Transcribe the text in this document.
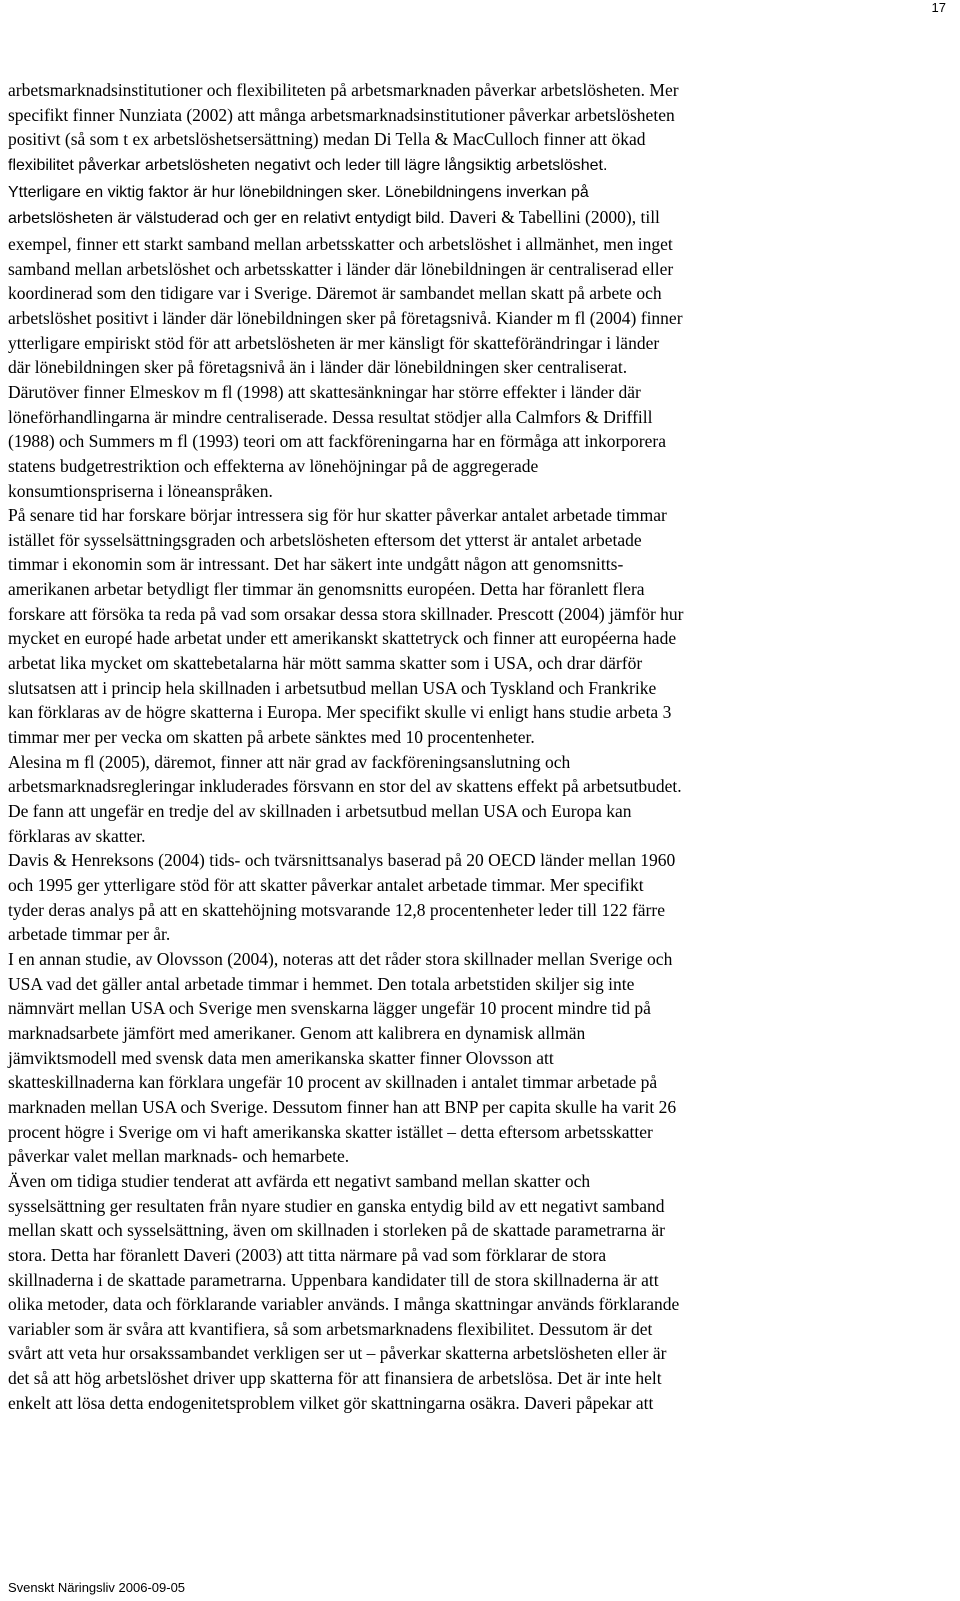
17
arbetsmarknadsinstitutioner och flexibiliteten på arbetsmarknaden påverkar arbetslösheten. Mer
specifikt finner Nunziata (2002) att många arbetsmarknadsinstitutioner påverkar arbetslösheten
positivt (så som t ex arbetslöshetsersättning) medan Di Tella & MacCulloch finner att ökad
flexibilitet påverkar arbetslösheten negativt och leder till lägre långsiktig arbetslöshet.
Ytterligare en viktig faktor är hur lönebildningen sker. Lönebildningens inverkan på
arbetslösheten är välstuderad och ger en relativt entydigt bild. Daveri & Tabellini (2000), till
exempel, finner ett starkt samband mellan arbetsskatter och arbetslöshet i allmänhet, men inget
samband mellan arbetslöshet och arbetsskatter i länder där lönebildningen är centraliserad eller
koordinerad som den tidigare var i Sverige. Däremot är sambandet mellan skatt på arbete och
arbetslöshet positivt i länder där lönebildningen sker på företagsnivå. Kiander m fl (2004) finner
ytterligare empiriskt stöd för att arbetslösheten är mer känsligt för skatteförändringar i länder
där lönebildningen sker på företagsnivå än i länder där lönebildningen sker centraliserat.
Därutöver finner Elmeskov m fl (1998) att skattesänkningar har större effekter i länder där
löneförhandlingarna är mindre centraliserade. Dessa resultat stödjer alla Calmfors & Driffill
(1988) och Summers m fl (1993) teori om att fackföreningarna har en förmåga att inkorporera
statens budgetrestriktion och effekterna av lönehöjningar på de aggregerade
konsumtionspriserna i löneanspråken.
På senare tid har forskare börjar intressera sig för hur skatter påverkar antalet arbetade timmar
istället för sysselsättningsgraden och arbetslösheten eftersom det ytterst är antalet arbetade
timmar i ekonomin som är intressant. Det har säkert inte undgått någon att genomsnitts-
amerikanen arbetar betydligt fler timmar än genomsnitts européen. Detta har föranlett flera
forskare att försöka ta reda på vad som orsakar dessa stora skillnader. Prescott (2004) jämför hur
mycket en europé hade arbetat under ett amerikanskt skattetryck och finner att européerna hade
arbetat lika mycket om skattebetalarna här mött samma skatter som i USA, och drar därför
slutsatsen att i princip hela skillnaden i arbetsutbud mellan USA och Tyskland och Frankrike
kan förklaras av de högre skatterna i Europa. Mer specifikt skulle vi enligt hans studie arbeta 3
timmar mer per vecka om skatten på arbete sänktes med 10 procentenheter.
Alesina m fl (2005), däremot, finner att när grad av fackföreningsanslutning och
arbetsmarknadsregleringar inkluderades försvann en stor del av skattens effekt på arbetsutbudet.
De fann att ungefär en tredje del av skillnaden i arbetsutbud mellan USA och Europa kan
förklaras av skatter.
Davis & Henreksons (2004) tids- och tvärsnittsanalys baserad på 20 OECD länder mellan 1960
och 1995 ger ytterligare stöd för att skatter påverkar antalet arbetade timmar. Mer specifikt
tyder deras analys på att en skattehöjning motsvarande 12,8 procentenheter leder till 122 färre
arbetade timmar per år.
I en annan studie, av Olovsson (2004), noteras att det råder stora skillnader mellan Sverige och
USA vad det gäller antal arbetade timmar i hemmet. Den totala arbetstiden skiljer sig inte
nämnvärt mellan USA och Sverige men svenskarna lägger ungefär 10 procent mindre tid på
marknadsarbete jämfört med amerikaner. Genom att kalibrera en dynamisk allmän
jämviktsmodell med svensk data men amerikanska skatter finner Olovsson att
skatteskillnaderna kan förklara ungefär 10 procent av skillnaden i antalet timmar arbetade på
marknaden mellan USA och Sverige. Dessutom finner han att BNP per capita skulle ha varit 26
procent högre i Sverige om vi haft amerikanska skatter istället – detta eftersom arbetsskatter
påverkar valet mellan marknads- och hemarbete.
Även om tidiga studier tenderat att avfärda ett negativt samband mellan skatter och
sysselsättning ger resultaten från nyare studier en ganska entydig bild av ett negativt samband
mellan skatt och sysselsättning, även om skillnaden i storleken på de skattade parametrarna är
stora. Detta har föranlett Daveri (2003) att titta närmare på vad som förklarar de stora
skillnaderna i de skattade parametrarna. Uppenbara kandidater till de stora skillnaderna är att
olika metoder, data och förklarande variabler används. I många skattningar används förklarande
variabler som är svåra att kvantifiera, så som arbetsmarknadens flexibilitet. Dessutom är det
svårt att veta hur orsakssambandet verkligen ser ut – påverkar skatterna arbetslösheten eller är
det så att hög arbetslöshet driver upp skatterna för att finansiera de arbetslösa. Det är inte helt
enkelt att lösa detta endogenitetsproblem vilket gör skattningarna osäkra. Daveri påpekar att
Svenskt Näringsliv 2006-09-05
